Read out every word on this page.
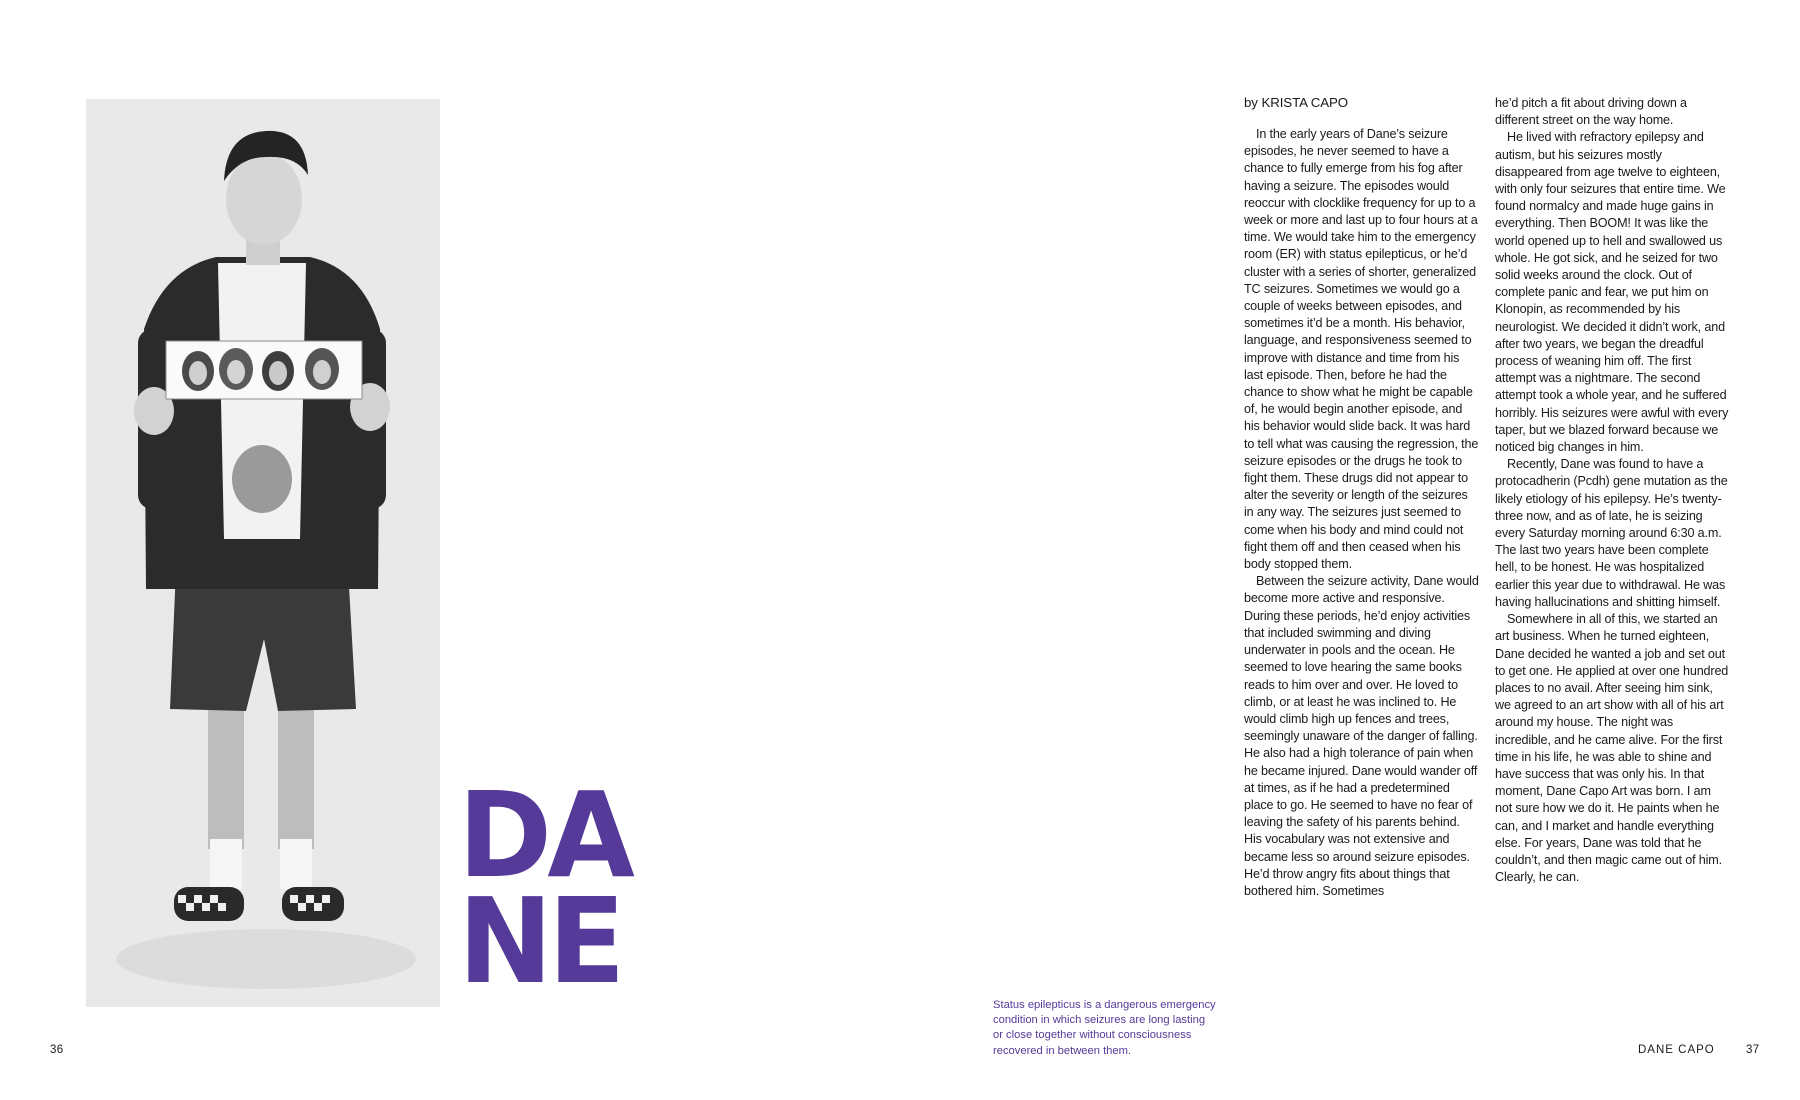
DA
NE	Status epilepticus is a dangerous emergency condition in which seizures are long lasting or close together without consciousness recovered in between them.
by KRISTA CAPO

In the early years of Dane’s seizure episodes, he never seemed to have a chance to fully emerge from his fog after having a seizure. The episodes would reoccur with clocklike frequency for up to a week or more and last up to four hours at a time. We would take him to the emergency room (ER) with status epilepticus, or he’d cluster with a series of shorter, generalized TC seizures. Sometimes we would go a couple of weeks between episodes, and sometimes it’d be a month. His behavior, language, and responsiveness seemed to improve with distance and time from his last episode. Then, before he had the chance to show what he might be capable of, he would begin another episode, and his behavior would slide back. It was hard to tell what was causing the regression, the seizure episodes or the drugs he took to fight them. These drugs did not appear to alter the severity or length of the seizures in any way. The seizures just seemed to come when his body and mind could not fight them off and then ceased when his body stopped them.

Between the seizure activity, Dane would become more active and responsive. During these periods, he’d enjoy activities that included swimming and diving underwater in pools and the ocean. He seemed to love hearing the same books reads to him over and over. He loved to climb, or at least he was inclined to. He would climb high up fences and trees, seemingly unaware of the danger of falling. He also had a high tolerance of pain when he became injured. Dane would wander off at times, as if he had a predetermined place to go. He seemed to have no fear of leaving the safety of his parents behind. His vocabulary was not extensive and became less so around seizure episodes. He’d throw angry fits about things that bothered him. Sometimes

he’d pitch a fit about driving down a different street on the way home.

He lived with refractory epilepsy and autism, but his seizures mostly disappeared from age twelve to eighteen, with only four seizures that entire time. We found normalcy and made huge gains in everything. Then BOOM! It was like the world opened up to hell and swallowed us whole. He got sick, and he seized for two solid weeks around the clock. Out of complete panic and fear, we put him on Klonopin, as recommended by his neurologist. We decided it didn’t work, and after two years, we began the dreadful process of weaning him off. The first attempt was a nightmare. The second attempt took a whole year, and he suffered horribly. His seizures were awful with every taper, but we blazed forward because we noticed big changes in him.

Recently, Dane was found to have a protocadherin (Pcdh) gene mutation as the likely etiology of his epilepsy. He’s twenty-three now, and as of late, he is seizing every Saturday morning around 6:30 a.m. The last two years have been complete hell, to be honest. He was hospitalized earlier this year due to withdrawal. He was having hallucinations and shitting himself.

Somewhere in all of this, we started an art business. When he turned eighteen, Dane decided he wanted a job and set out to get one. He applied at over one hundred places to no avail. After seeing him sink, we agreed to an art show with all of his art around my house. The night was incredible, and he came alive. For the first time in his life, he was able to shine and have success that was only his. In that moment, Dane Capo Art was born. I am not sure how we do it. He paints when he can, and I market and handle everything else. For years, Dane was told that he couldn’t, and then magic came out of him. Clearly, he can.

36	DANE CAPO	37
